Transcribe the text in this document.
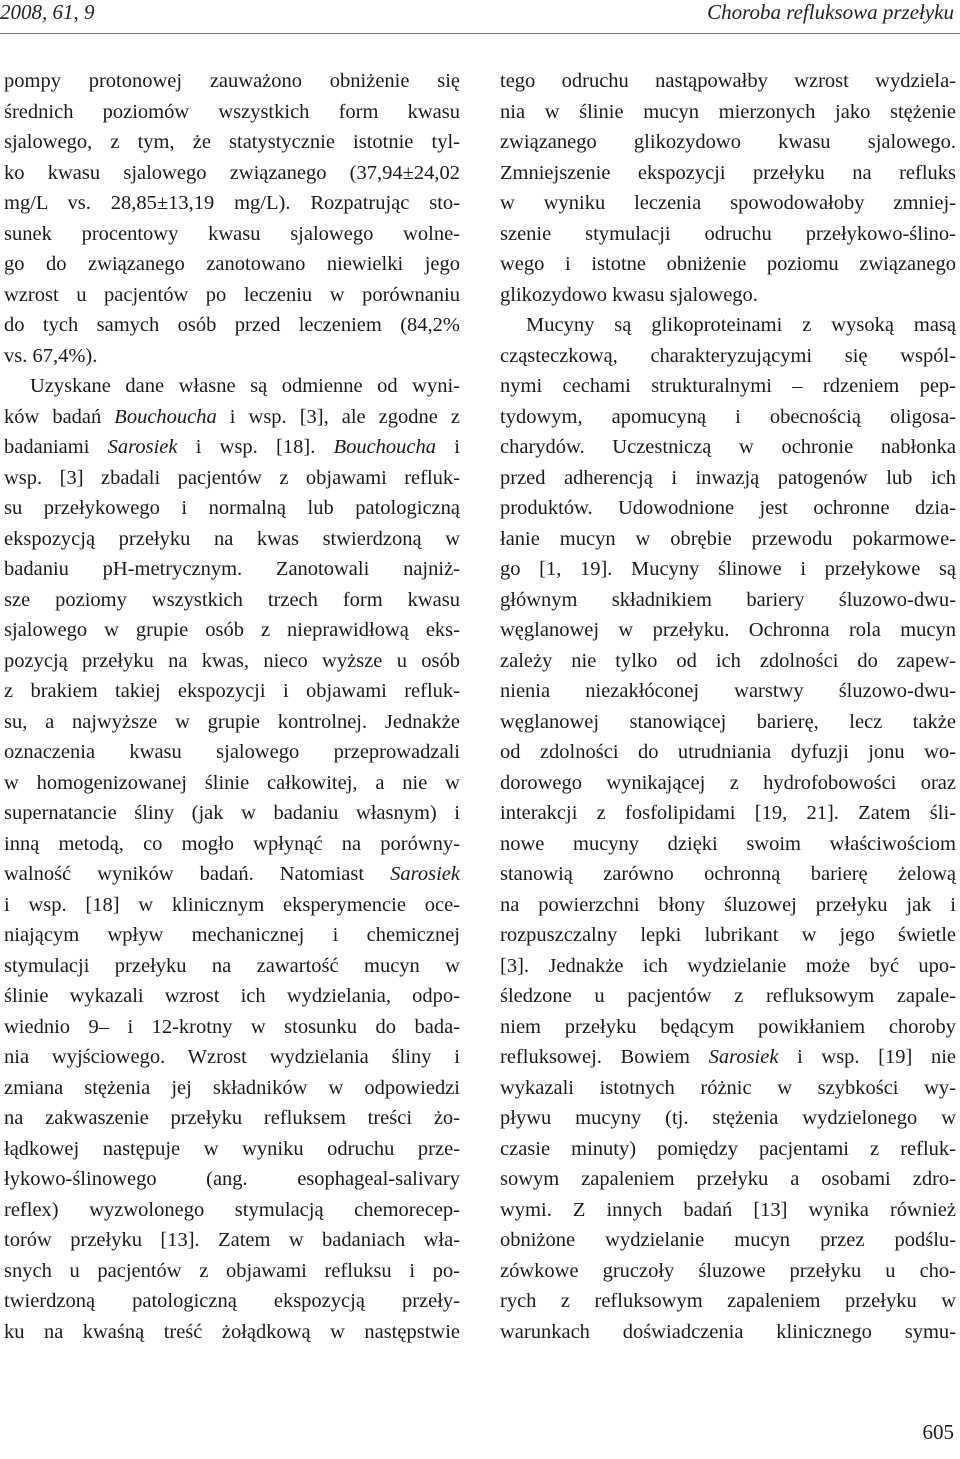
2008, 61, 9	Choroba refluksowa przełyku
pompy protonowej zauważono obniżenie się
średnich poziomów wszystkich form kwasu
sjalowego, z tym, że statystycznie istotnie tyl-
ko kwasu sjalowego związanego (37,94±24,02
mg/L vs. 28,85±13,19 mg/L). Rozpatrując sto-
sunek procentowy kwasu sjalowego wolne-
go do związanego zanotowano niewielki jego
wzrost u pacjentów po leczeniu w porównaniu
do tych samych osób przed leczeniem (84,2%
vs. 67,4%).
Uzyskane dane własne są odmienne od wyni-
ków badań Bouchoucha i wsp. [3], ale zgodne z
badaniami Sarosiek i wsp. [18]. Bouchoucha i
wsp. [3] zbadali pacjentów z objawami refluk-
su przełykowego i normalną lub patologiczną
ekspozycją przełyku na kwas stwierdzoną w
badaniu pH-metrycznym. Zanotowali najniż-
sze poziomy wszystkich trzech form kwasu
sjalowego w grupie osób z nieprawidłową eks-
pozycją przełyku na kwas, nieco wyższe u osób
z brakiem takiej ekspozycji i objawami refluk-
su, a najwyższe w grupie kontrolnej. Jednakże
oznaczenia kwasu sjalowego przeprowadzali
w homogenizowanej ślinie całkowitej, a nie w
supernatancie śliny (jak w badaniu własnym) i
inną metodą, co mogło wpłynąć na porówny-
walność wyników badań. Natomiast Sarosiek
i wsp. [18] w klinicznym eksperymencie oce-
niającym wpływ mechanicznej i chemicznej
stymulacji przełyku na zawartość mucyn w
ślinie wykazali wzrost ich wydzielania, odpo-
wiednio 9– i 12-krotny w stosunku do bada-
nia wyjściowego. Wzrost wydzielania śliny i
zmiana stężenia jej składników w odpowiedzi
na zakwaszenie przełyku refluksem treści żo-
łądkowej następuje w wyniku odruchu prze-
łykowo-ślinowego (ang. esophageal-salivary
reflex) wyzwolonego stymulacją chemorecep-
torów przełyku [13]. Zatem w badaniach wła-
snych u pacjentów z objawami refluksu i po-
twierdzoną patologiczną ekspozycją przeły-
ku na kwaśną treść żołądkową w następstwie
tego odruchu nastąpowałby wzrost wydziela-
nia w ślinie mucyn mierzonych jako stężenie
związanego glikozydowo kwasu sjalowego.
Zmniejszenie ekspozycji przełyku na refluks
w wyniku leczenia spowodowałoby zmniej-
szenie stymulacji odruchu przełykowo-ślino-
wego i istotne obniżenie poziomu związanego
glikozydowo kwasu sjalowego.
Mucyny są glikoproteinami z wysoką masą
cząsteczkową, charakteryzującymi się wspól-
nymi cechami strukturalnymi – rdzeniem pep-
tydowym, apomucyną i obecnością oligosa-
charydów. Uczestniczą w ochronie nabłonka
przed adherencją i inwazją patogenów lub ich
produktów. Udowodnione jest ochronne dzia-
łanie mucyn w obrębie przewodu pokarmowe-
go [1, 19]. Mucyny ślinowe i przełykowe są
głównym składnikiem bariery śluzowo-dwu-
węglanowej w przełyku. Ochronna rola mucyn
zależy nie tylko od ich zdolności do zapew-
nienia niezakłóconej warstwy śluzowo-dwu-
węglanowej stanowiącej barierę, lecz także
od zdolności do utrudniania dyfuzji jonu wo-
dorowego wynikającej z hydrofobowości oraz
interakcji z fosfolipidami [19, 21]. Zatem śli-
nowe mucyny dzięki swoim właściwościom
stanowią zarówno ochronną barierę żelową
na powierzchni błony śluzowej przełyku jak i
rozpuszczalny lepki lubrikant w jego świetle
[3]. Jednakże ich wydzielanie może być upo-
śledzone u pacjentów z refluksowym zapale-
niem przełyku będącym powikłaniem choroby
refluksowej. Bowiem Sarosiek i wsp. [19] nie
wykazali istotnych różnic w szybkości wy-
pływu mucyny (tj. stężenia wydzielonego w
czasie minuty) pomiędzy pacjentami z refluk-
sowym zapaleniem przełyku a osobami zdro-
wymi. Z innych badań [13] wynika również
obniżone wydzielanie mucyn przez podślu-
zówkowe gruczoły śluzowe przełyku u cho-
rych z refluksowym zapaleniem przełyku w
warunkach doświadczenia klinicznego symu-
605
